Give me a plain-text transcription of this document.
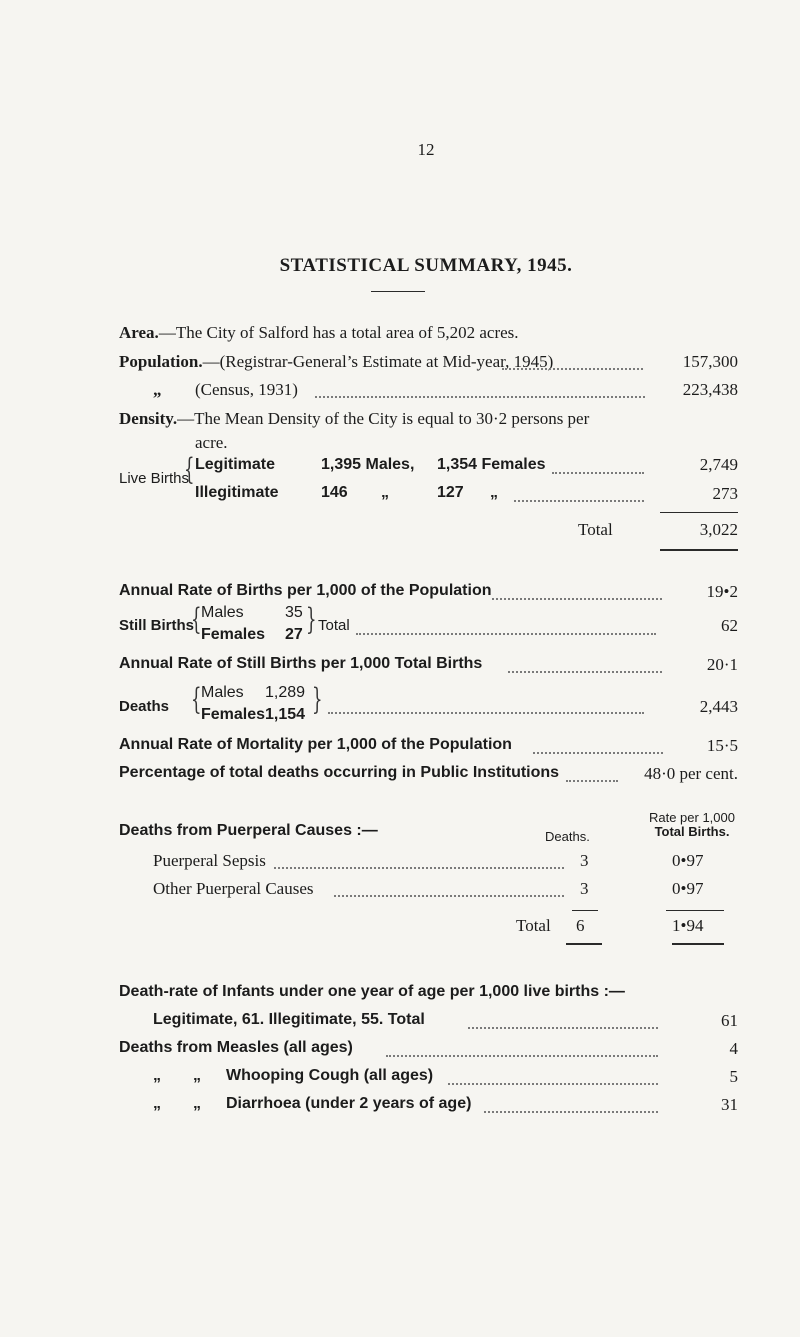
12
STATISTICAL SUMMARY, 1945.
Area.—The City of Salford has a total area of 5,202 acres.
Population.—(Registrar-General’s Estimate at Mid-year, 1945)	157,300
„ (Census, 1931)	223,438
Density.—The Mean Density of the City is equal to 30·2 persons per
acre.
Live Births
{ Legitimate	1,395 Males, 1,354 Females	2,749
Illegitimate	146 „	127 „	273
Total	3,022
Annual Rate of Births per 1,000 of the Population	19•2
Still Births
{ Males	35
Females 27 } Total	62
Annual Rate of Still Births per 1,000 Total Births	20·1
Deaths { Males 1,289
Females 1,154 }	2,443
Annual Rate of Mortality per 1,000 of the Population	15·5
Percentage of total deaths occurring in Public Institutions	48·0 per cent.
Deaths from Puerperal Causes :—	Deaths.
Rate per 1,000
Total Births.
Puerperal Sepsis	3	0•97
Other Puerperal Causes	3	0•97
Total 6	1•94
Death-rate of Infants under one year of age per 1,000 live births :—
Legitimate, 61. Illegitimate, 55. Total	61
Deaths from Measles (all ages)	4
„ „ Whooping Cough (all ages)	5
„ „ Diarrhoea (under 2 years of age)	31
